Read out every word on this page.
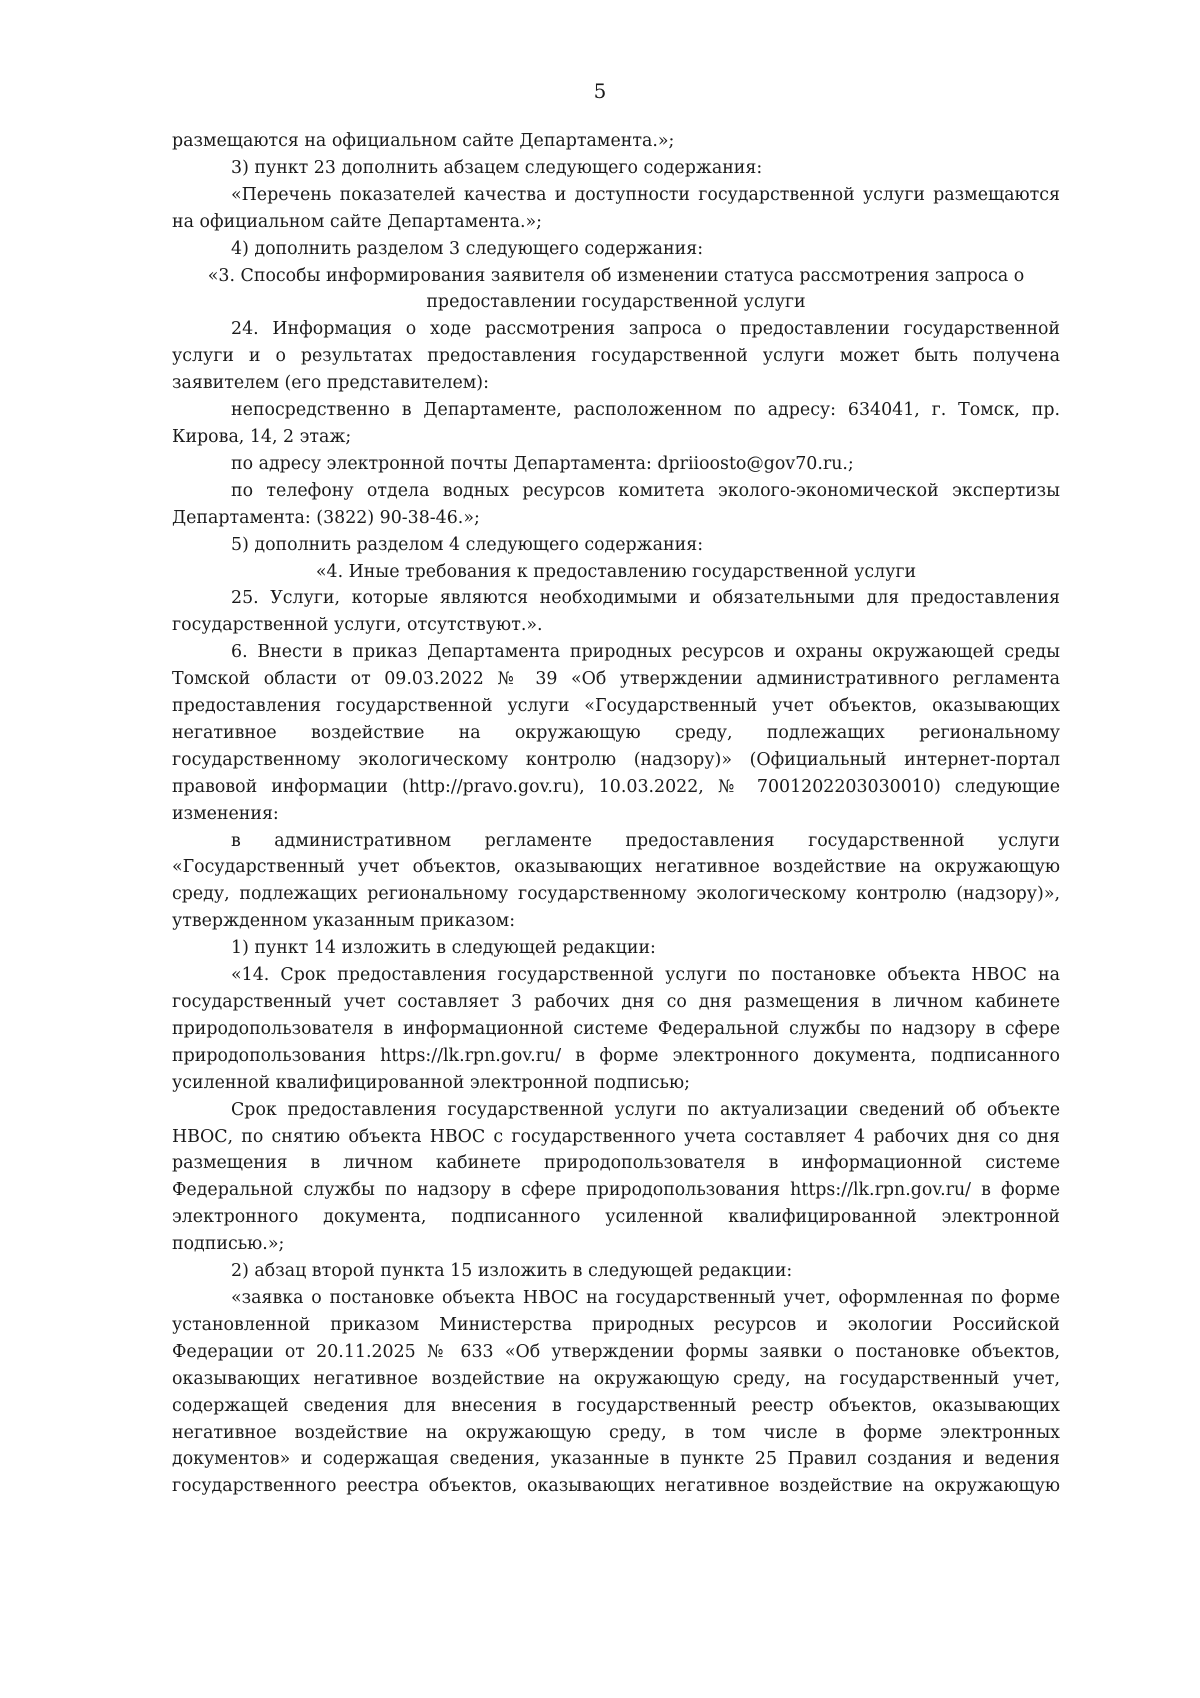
5

размещаются на официальном сайте Департамента.»;

3) пункт 23 дополнить абзацем следующего содержания:

«Перечень показателей качества и доступности государственной услуги размещаются на официальном сайте Департамента.»;

4) дополнить разделом 3 следующего содержания:

«3. Способы информирования заявителя об изменении статуса рассмотрения запроса о предоставлении государственной услуги

24. Информация о ходе рассмотрения запроса о предоставлении государственной услуги и о результатах предоставления государственной услуги может быть получена заявителем (его представителем):

непосредственно в Департаменте, расположенном по адресу: 634041, г. Томск, пр. Кирова, 14, 2 этаж;

по адресу электронной почты Департамента: dpriioosto@gov70.ru.;

по телефону отдела водных ресурсов комитета эколого-экономической экспертизы Департамента: (3822) 90-38-46.»;

5) дополнить разделом 4 следующего содержания:

«4. Иные требования к предоставлению государственной услуги

25. Услуги, которые являются необходимыми и обязательными для предоставления государственной услуги, отсутствуют.».

6. Внести в приказ Департамента природных ресурсов и охраны окружающей среды Томской области от 09.03.2022 № 39 «Об утверждении административного регламента предоставления государственной услуги «Государственный учет объектов, оказывающих негативное воздействие на окружающую среду, подлежащих региональному государственному экологическому контролю (надзору)» (Официальный интернет-портал правовой информации (http://pravo.gov.ru), 10.03.2022, № 7001202203030010) следующие изменения:

в административном регламенте предоставления государственной услуги «Государственный учет объектов, оказывающих негативное воздействие на окружающую среду, подлежащих региональному государственному экологическому контролю (надзору)», утвержденном указанным приказом:

1) пункт 14 изложить в следующей редакции:

«14. Срок предоставления государственной услуги по постановке объекта НВОС на государственный учет составляет 3 рабочих дня со дня размещения в личном кабинете природопользователя в информационной системе Федеральной службы по надзору в сфере природопользования https://lk.rpn.gov.ru/ в форме электронного документа, подписанного усиленной квалифицированной электронной подписью;

Срок предоставления государственной услуги по актуализации сведений об объекте НВОС, по снятию объекта НВОС с государственного учета составляет 4 рабочих дня со дня размещения в личном кабинете природопользователя в информационной системе Федеральной службы по надзору в сфере природопользования https://lk.rpn.gov.ru/ в форме электронного документа, подписанного усиленной квалифицированной электронной подписью.»;

2) абзац второй пункта 15 изложить в следующей редакции:

«заявка о постановке объекта НВОС на государственный учет, оформленная по форме установленной приказом Министерства природных ресурсов и экологии Российской Федерации от 20.11.2025 № 633 «Об утверждении формы заявки о постановке объектов, оказывающих негативное воздействие на окружающую среду, на государственный учет, содержащей сведения для внесения в государственный реестр объектов, оказывающих негативное воздействие на окружающую среду, в том числе в форме электронных документов» и содержащая сведения, указанные в пункте 25 Правил создания и ведения государственного реестра объектов, оказывающих негативное воздействие на окружающую
